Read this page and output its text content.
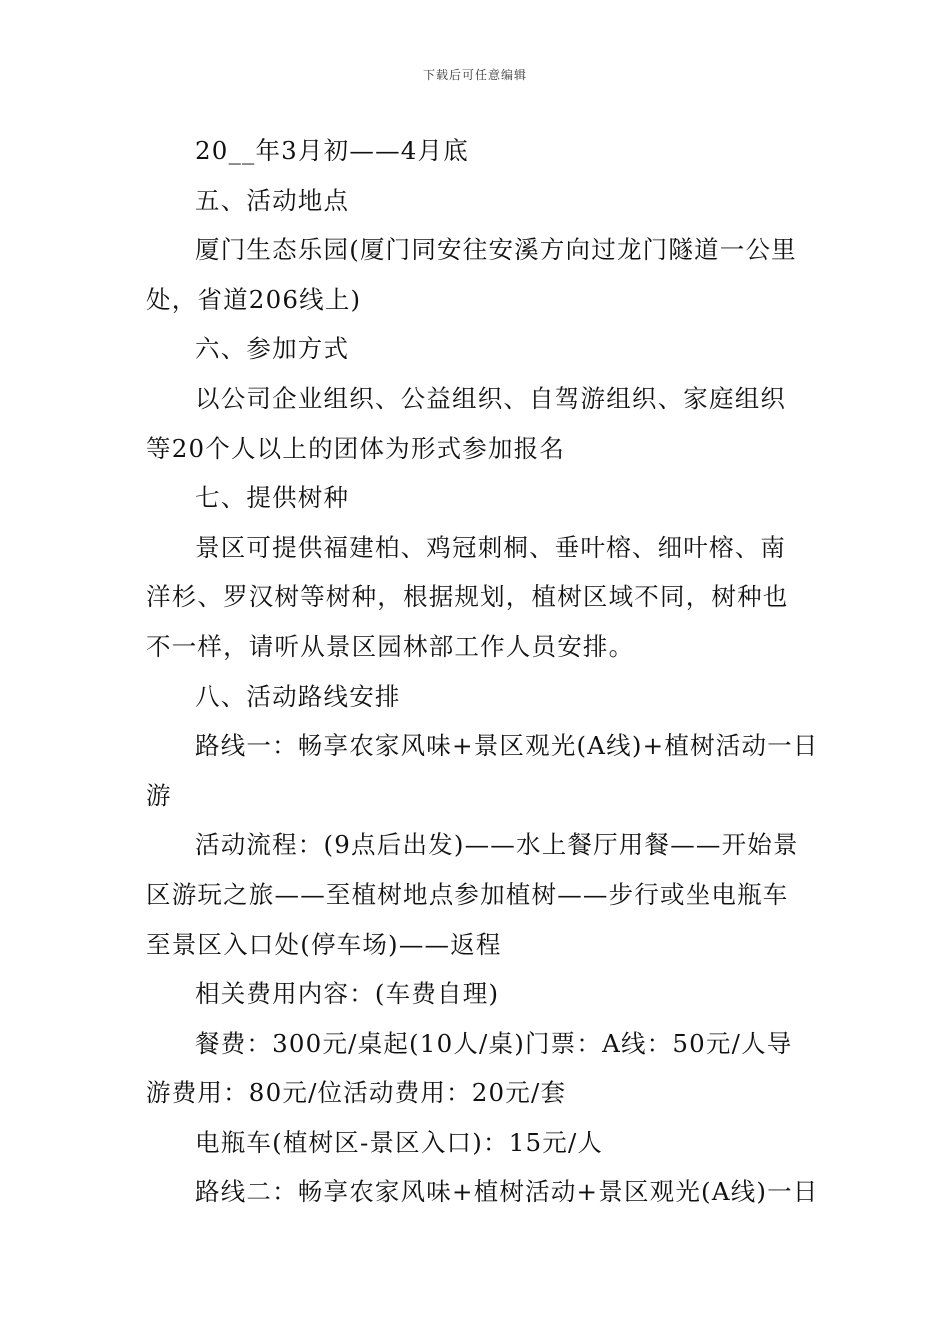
下载后可任意编辑

20__年3月初——4月底

五、活动地点

厦门生态乐园(厦门同安往安溪方向过龙门隧道一公里
处，省道206线上)

六、参加方式

以公司企业组织、公益组织、自驾游组织、家庭组织
等20个人以上的团体为形式参加报名

七、提供树种

景区可提供福建柏、鸡冠刺桐、垂叶榕、细叶榕、南
洋杉、罗汉树等树种，根据规划，植树区域不同，树种也
不一样，请听从景区园林部工作人员安排。

八、活动路线安排

路线一：畅享农家风味+景区观光(A线)+植树活动一日
游

活动流程：(9点后出发)——水上餐厅用餐——开始景
区游玩之旅——至植树地点参加植树——步行或坐电瓶车
至景区入口处(停车场)——返程

相关费用内容：(车费自理)

餐费：300元/桌起(10人/桌)门票：A线：50元/人导
游费用：80元/位活动费用：20元/套

电瓶车(植树区-景区入口)：15元/人

路线二：畅享农家风味+植树活动+景区观光(A线)一日
